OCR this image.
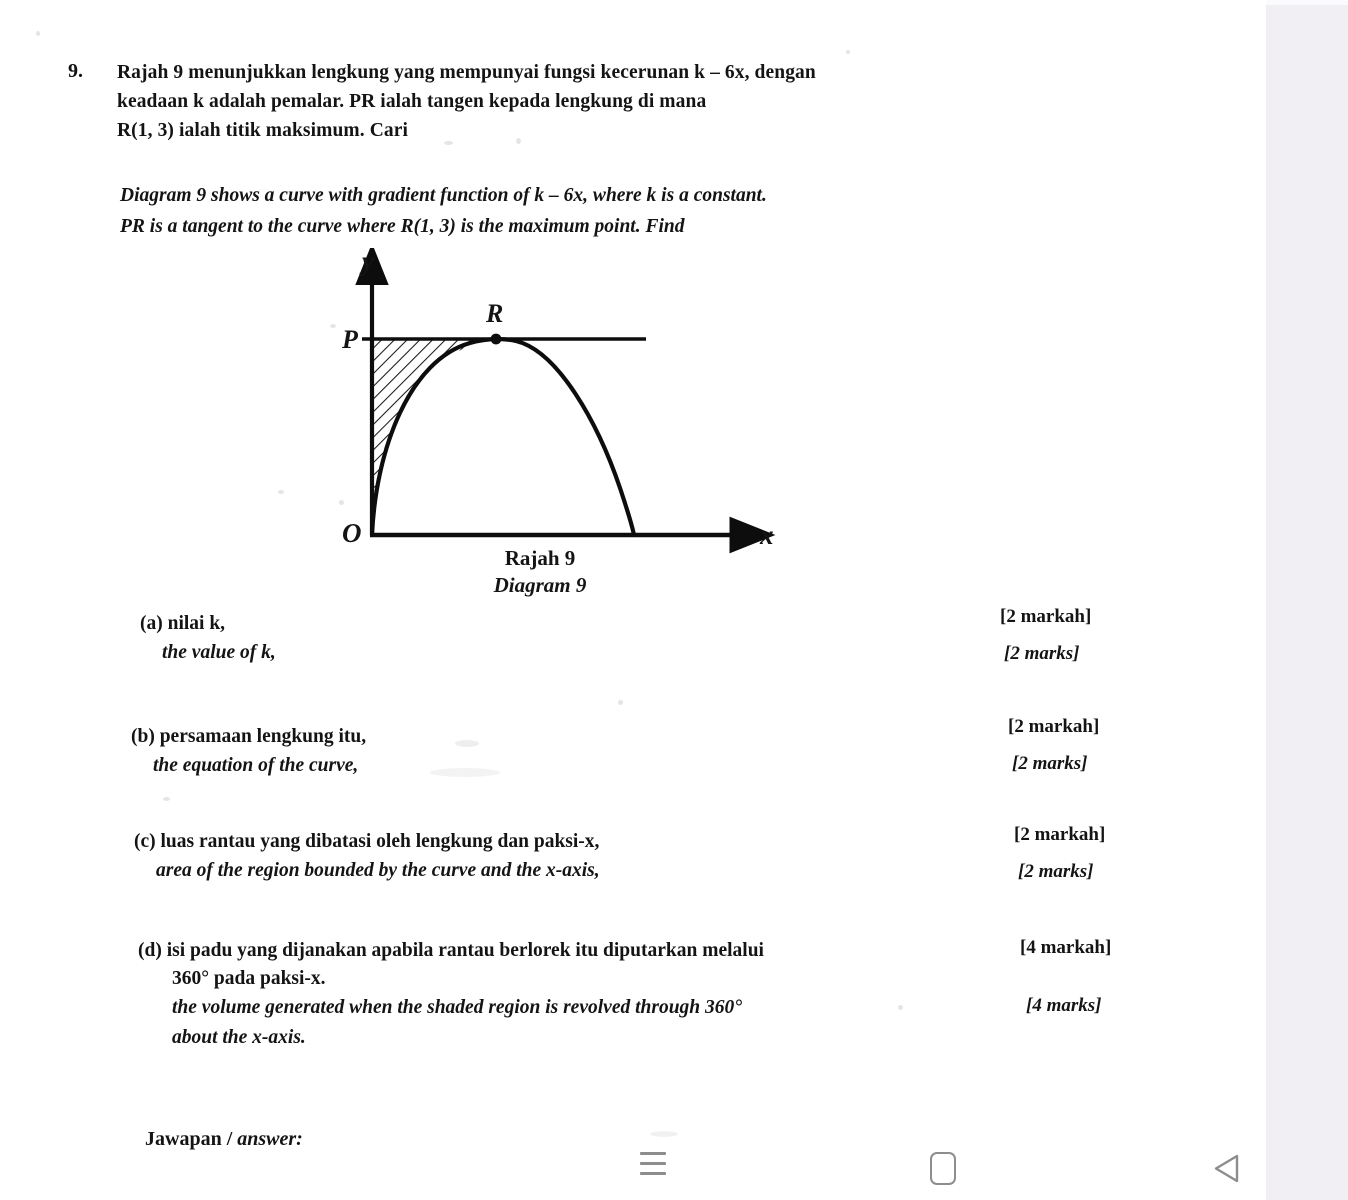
9. Rajah 9 menunjukkan lengkung yang mempunyai fungsi kecerunan k – 6x, dengan
keadaan k adalah pemalar. PR ialah tangen kepada lengkung di mana
R(1, 3) ialah titik maksimum. Cari
Diagram 9 shows a curve with gradient function of k – 6x, where k is a constant.
PR is a tangent to the curve where R(1, 3) is the maximum point. Find
y
x
O
P
R
Rajah 9
Diagram 9
(a) nilai k,
the value of k,
[2 markah]
[2 marks]
(b) persamaan lengkung itu,
the equation of the curve,
[2 markah]
[2 marks]
(c) luas rantau yang dibatasi oleh lengkung dan paksi-x,
area of the region bounded by the curve and the x-axis,
[2 markah]
[2 marks]
(d) isi padu yang dijanakan apabila rantau berlorek itu diputarkan melalui
360° pada paksi-x.
the volume generated when the shaded region is revolved through 360°
about the x-axis.
[4 markah]
[4 marks]
Jawapan / answer:
